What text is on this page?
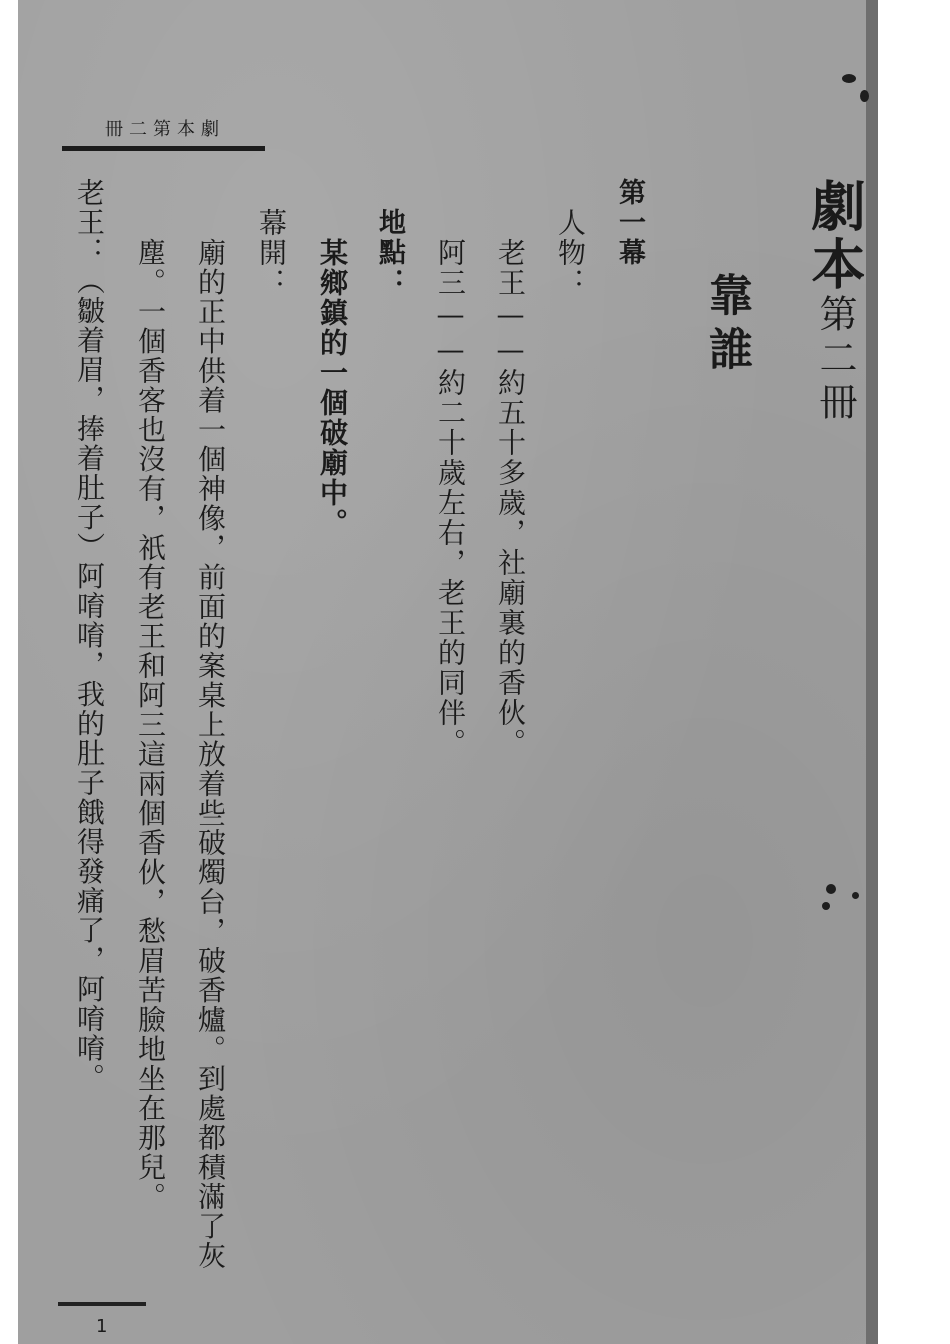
劇本第二冊
靠誰
第一幕
人物：
老王——約五十多歲，社廟裏的香伙。
阿三——約二十歲左右，老王的同伴。
地點：
某鄉鎮的一個破廟中。
幕開：
廟的正中供着一個神像，前面的案桌上放着些破燭台，破香爐。到處都積滿了灰
塵。一個香客也沒有，祇有老王和阿三這兩個香伙，愁眉苦臉地坐在那兒。
老王：（皺着眉，捧着肚子）阿唷唷，我的肚子餓得發痛了，阿唷唷。
劇本第二冊
1
